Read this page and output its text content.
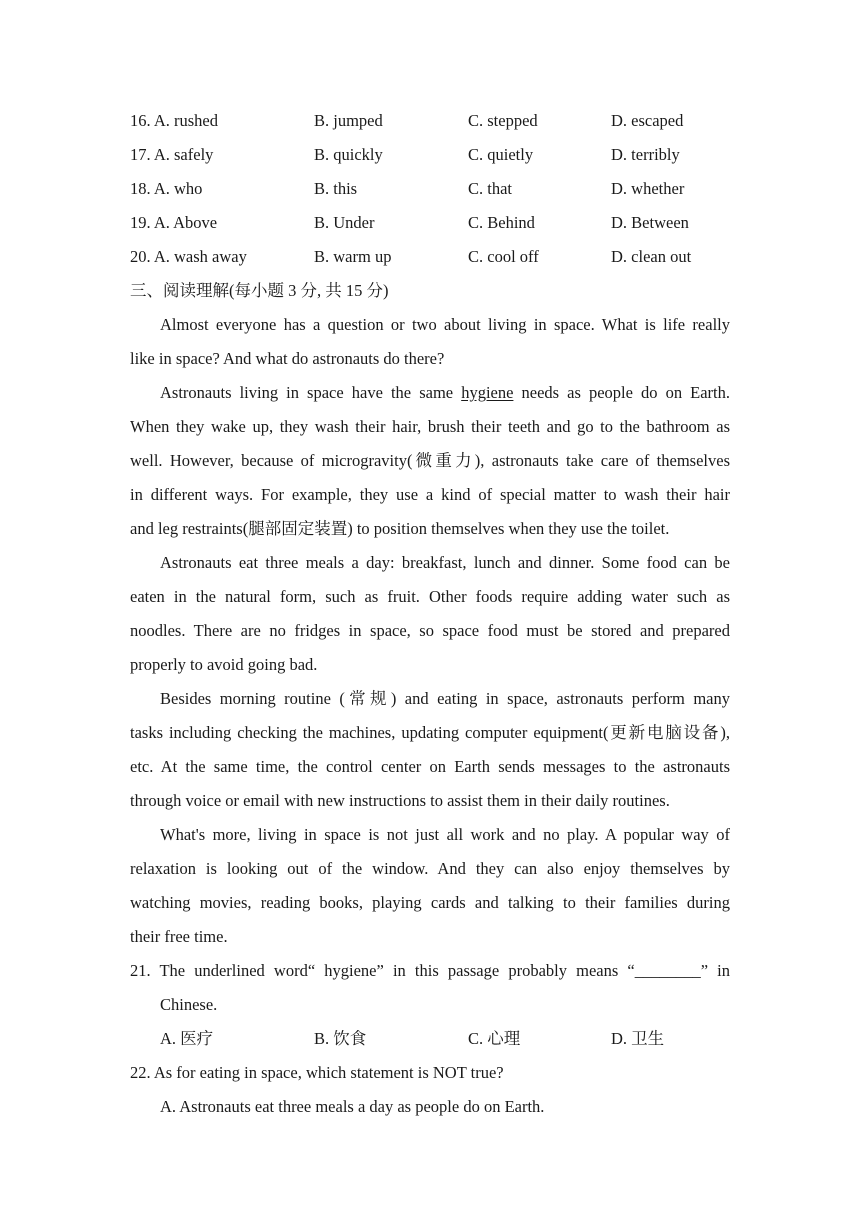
16. A. rushed	B. jumped	C. stepped	D. escaped
17. A. safely	B. quickly	C. quietly	D. terribly
18. A. who	B. this	C. that	D. whether
19. A. Above	B. Under	C. Behind	D. Between
20. A. wash away	B. warm up	C. cool off	D. clean out
三、阅读理解(每小题 3 分, 共 15 分)
Almost everyone has a question or two about living in space. What is life really
like in space? And what do astronauts do there?
Astronauts living in space have the same hygiene needs as people do on Earth.
When they wake up, they wash their hair, brush their teeth and go to the bathroom as
well. However, because of microgravity(微重力), astronauts take care of themselves
in different ways. For example, they use a kind of special matter to wash their hair
and leg restraints(腿部固定装置) to position themselves when they use the toilet.
Astronauts eat three meals a day: breakfast, lunch and dinner. Some food can be
eaten in the natural form, such as fruit. Other foods require adding water such as
noodles. There are no fridges in space, so space food must be stored and prepared
properly to avoid going bad.
Besides morning routine (常规) and eating in space, astronauts perform many
tasks including checking the machines, updating computer equipment(更新电脑设备),
etc. At the same time, the control center on Earth sends messages to the astronauts
through voice or email with new instructions to assist them in their daily routines.
What's more, living in space is not just all work and no play. A popular way of
relaxation is looking out of the window. And they can also enjoy themselves by
watching movies, reading books, playing cards and talking to their families during
their free time.
21. The underlined word“ hygiene” in this passage probably means “________” in
Chinese.
A. 医疗	B. 饮食	C. 心理	D. 卫生
22. As for eating in space, which statement is NOT true?
A. Astronauts eat three meals a day as people do on Earth.
